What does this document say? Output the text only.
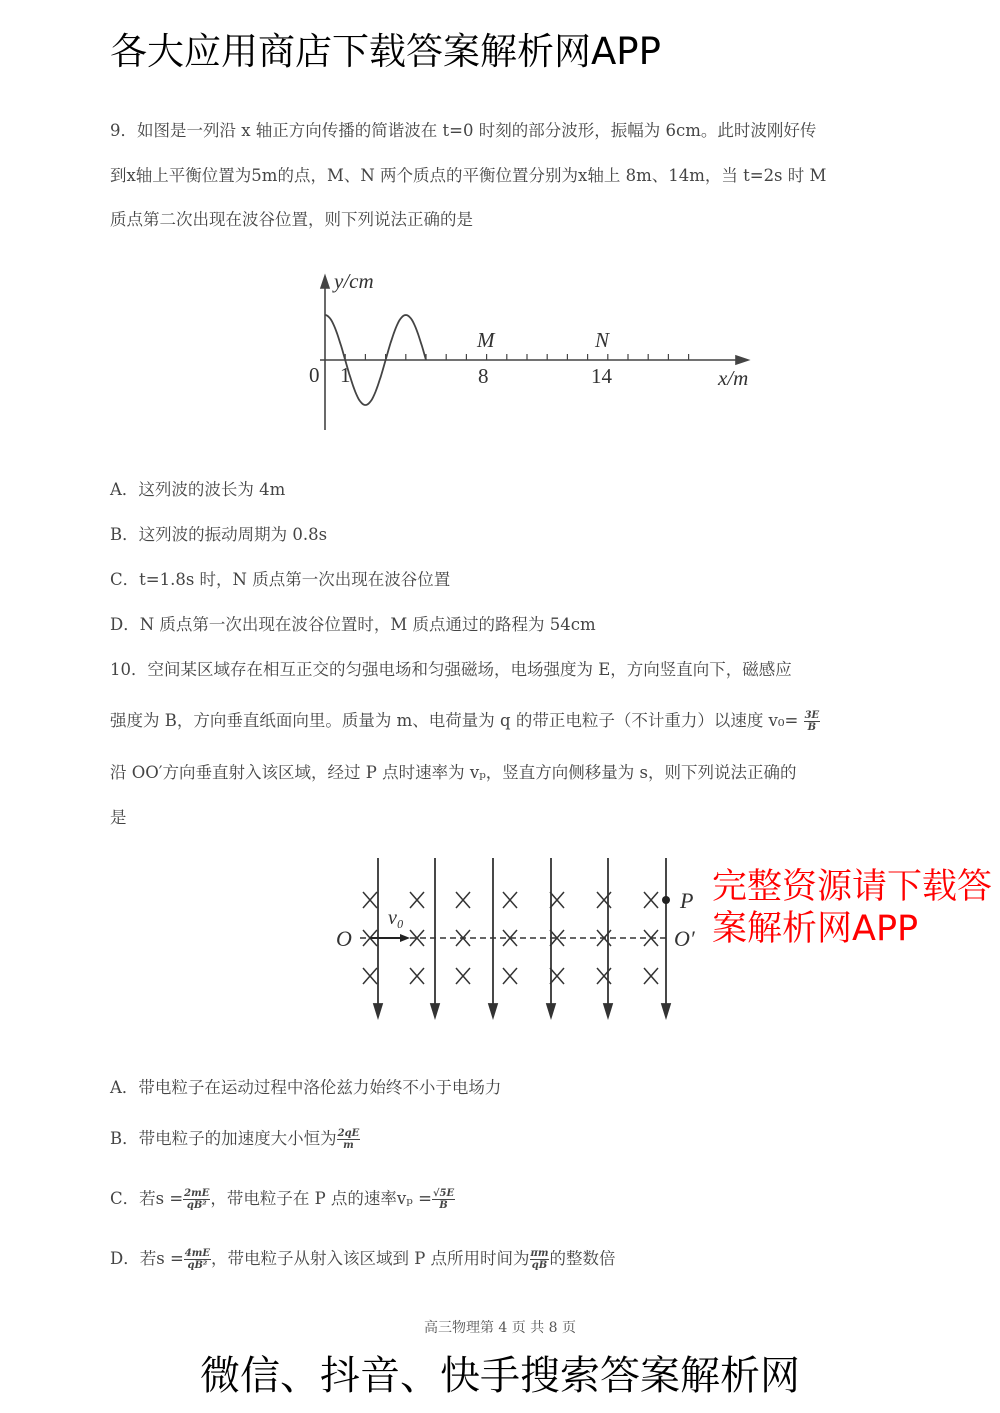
9．如图是一列沿 x 轴正方向传播的简谐波在 t=0 时刻的部分波形，振幅为 6cm。此时波刚好传
到x轴上平衡位置为5m的点，M、N 两个质点的平衡位置分别为x轴上 8m、14m，当 t=2s 时 M
质点第二次出现在波谷位置，则下列说法正确的是
y/cm
x/m
0 1	8	14
M	N
O	O′
P
v₀
A．这列波的波长为 4m
B．这列波的振动周期为 0.8s
C．t=1.8s 时，N 质点第一次出现在波谷位置
D．N 质点第一次出现在波谷位置时，M 质点通过的路程为 54cm
10．空间某区域存在相互正交的匀强电场和匀强磁场，电场强度为 E，方向竖直向下，磁感应
强度为 B，方向垂直纸面向里。质量为 m、电荷量为 q 的带正电粒子（不计重力）以速度 $v_0= \frac{3E}{B}$
沿 OO′方向垂直射入该区域，经过 P 点时速率为 vₚ，竖直方向侧移量为 s，则下列说法正确的
是
A．带电粒子在运动过程中洛伦兹力始终不小于电场力
B．带电粒子的加速度大小恒为 $\frac{2qE}{m}$
C．若$s = \frac{2mE}{\text{qB²}}$ ，带电粒子在 P 点的速率$v_p = \frac{√5E}{B}$
D．若$s = \frac{4mE}{\text{qB²}}$ ，带电粒子从射入该区域到 P 点所用时间为 $\frac{\pi m}{qB}$ 的整数倍
高三物理第 4 页 共 8 页
各大应用商店下载答案解析网APP
完整资源请下载答案解析网APP
微信、抖音、快手搜索答案解析网
